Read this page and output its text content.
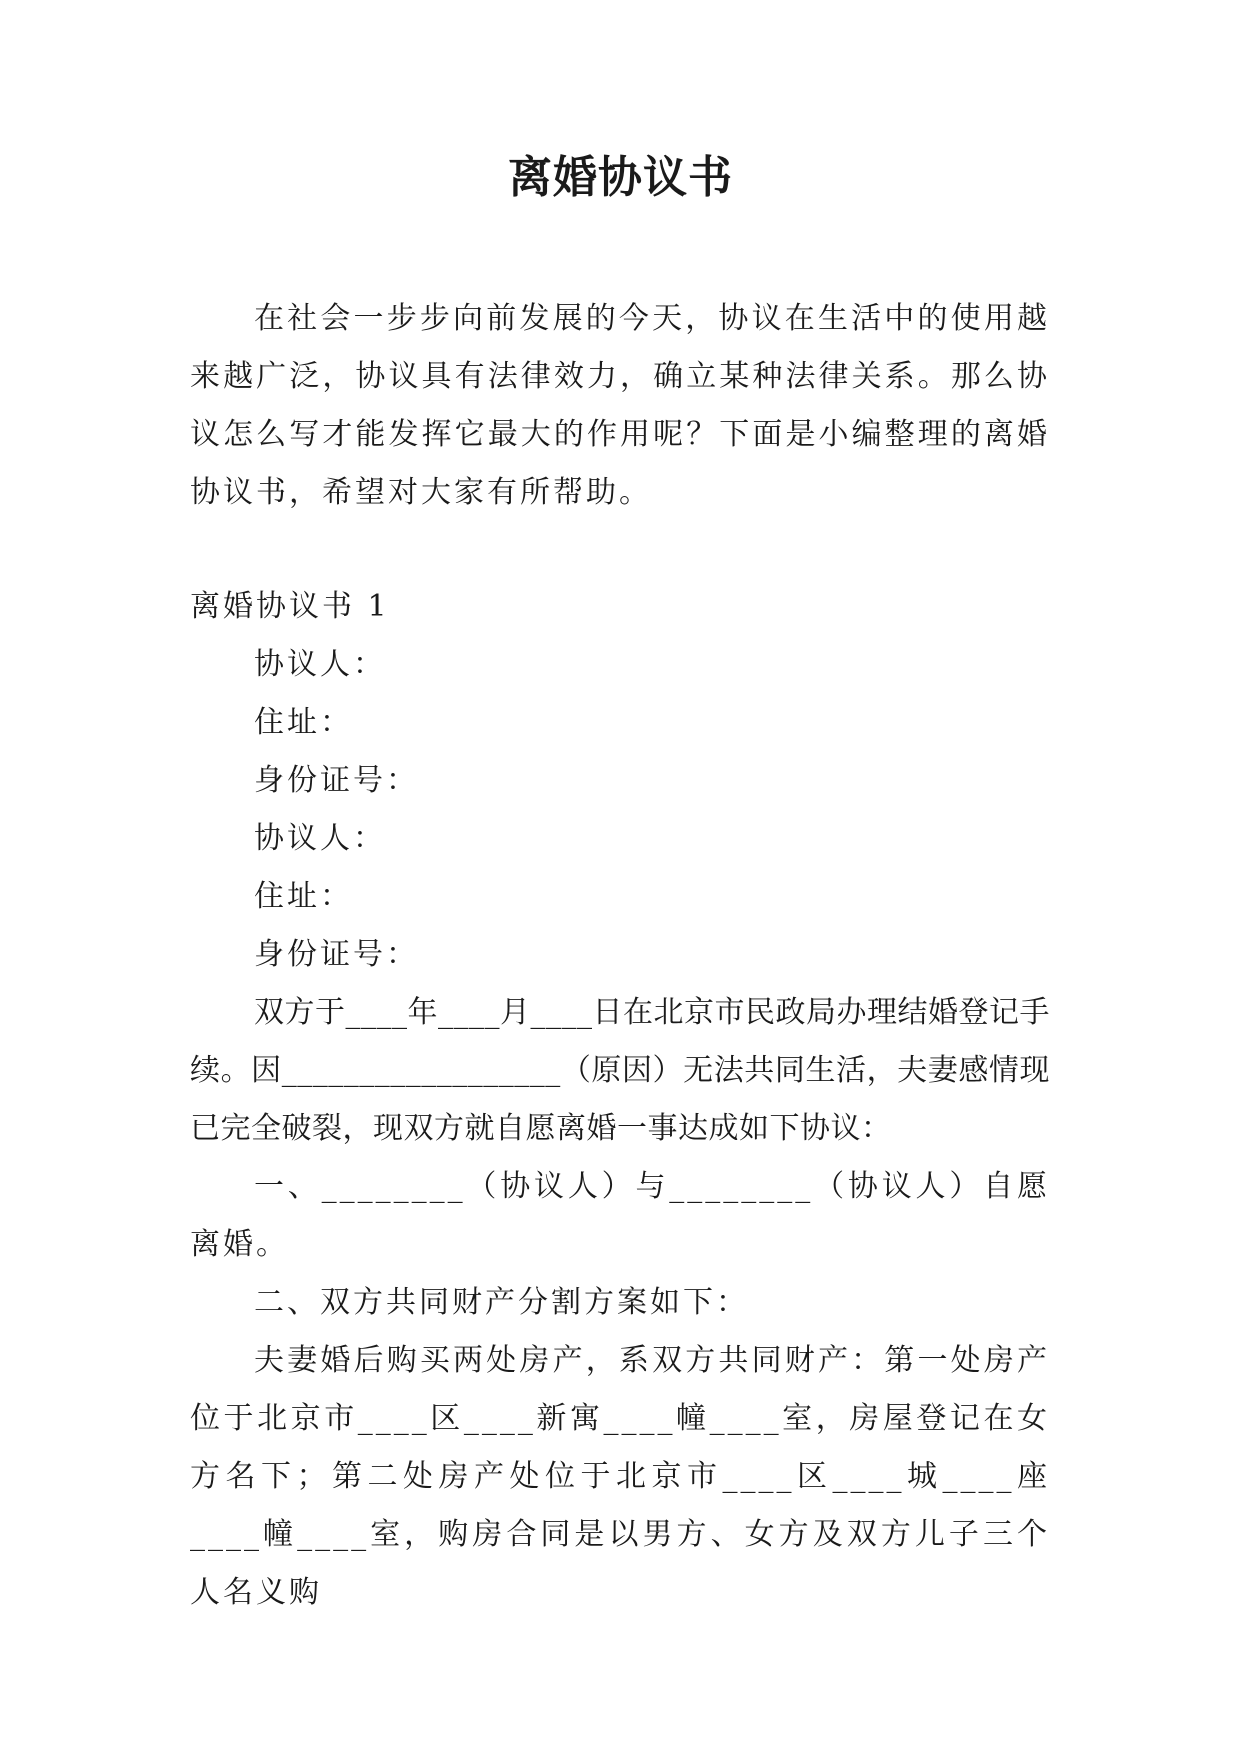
离婚协议书

在社会一步步向前发展的今天，协议在生活中的使用越来越广泛，协议具有法律效力，确立某种法律关系。那么协议怎么写才能发挥它最大的作用呢？下面是小编整理的离婚协议书，希望对大家有所帮助。

离婚协议书 1

协议人：

住址：

身份证号：

协议人：

住址：

身份证号：

双方于____年____月____日在北京市民政局办理结婚登记手续。因__________________（原因）无法共同生活，夫妻感情现已完全破裂，现双方就自愿离婚一事达成如下协议：

一、________（协议人）与________（协议人）自愿离婚。

二、双方共同财产分割方案如下：

夫妻婚后购买两处房产，系双方共同财产：第一处房产位于北京市____区____新寓____幢____室，房屋登记在女方名下；第二处房产处位于北京市____区____城____座____幢____室，购房合同是以男方、女方及双方儿子三个人名义购
